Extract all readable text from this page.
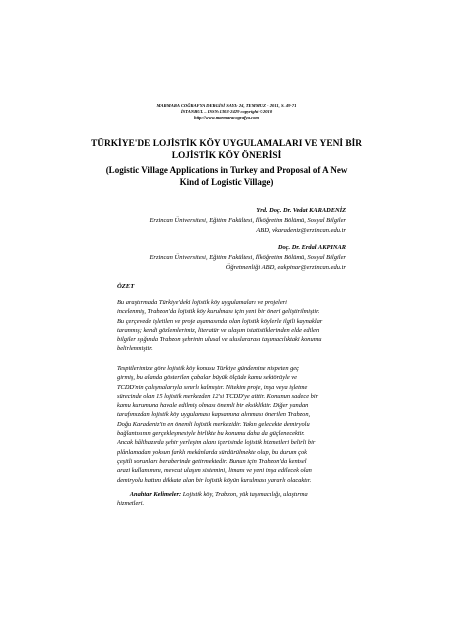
MARMARA COĞRAFYA DERGİSİ SAYI: 24, TEMMUZ - 2011, S. 49-71
İSTANBUL – ISSN:1303-2429 copyright ©2010
http://www.marmaracografya.com
TÜRKİYE'DE LOJİSTİK KÖY UYGULAMALARI VE YENİ BİR
LOJİSTİK KÖY ÖNERİSİ
(Logistic Village Applications in Turkey and Proposal of A New
Kind of Logistic Village)
Yrd. Doç. Dr. Vedat KARADENİZ
Erzincan Üniversitesi, Eğitim Fakültesi, İlköğretim Bölümü, Sosyal Bilgiler
ABD, vkaradeniz@erzincan.edu.tr
Doç. Dr. Erdal AKPINAR
Erzincan Üniversitesi, Eğitim Fakültesi, İlköğretim Bölümü, Sosyal Bilgiler
Öğretmenliği ABD, eakpinar@erzincan.edu.tr
ÖZET
Bu araştırmada Türkiye'deki lojistik köy uygulamaları ve projeleri
incelenmiş, Trabzon'da lojistik köy kurulması için yeni bir öneri geliştirilmiştir.
Bu çerçevede işletilen ve proje aşamasında olan lojistik köylerle ilgili kaynaklar
taranmış; kendi gözlemlerimiz, literatür ve ulaşım istatistiklerinden elde edilen
bilgiler ışığında Trabzon şehrinin ulusal ve uluslararası taşımacılıktaki konumu
belirlenmiştir.
Tespitlerimize göre lojistik köy konusu Türkiye gündemine nispeten geç
girmiş, bu alanda gösterilen çabalar büyük ölçüde kamu sektörüyle ve
TCDD'nin çalışmalarıyla sınırlı kalmıştır. Nitekim proje, inşa veya işletme
sürecinde olan 15 lojistik merkezden 12'si TCDD'ye aittir. Konunun sadece bir
kamu kurumuna havale edilmiş olması önemli bir eksikliktir. Diğer yandan
tarafımızdan lojistik köy uygulaması kapsamına alınması önerilen Trabzon,
Doğu Karadeniz'in en önemli lojistik merkezidir. Yakın gelecekte demiryolu
bağlantısının gerçekleşmesiyle birlikte bu konumu daha da güçlenecektir.
Ancak hâlihazırda şehir yerleşim alanı içerisinde lojistik hizmetleri belirli bir
plânlamadan yoksun farklı mekânlarda sürdürülmekte olup, bu durum çok
çeşitli sorunları beraberinde getirmektedir. Bunun için Trabzon'da kentsel
arazi kullanımını, mevcut ulaşım sistemini, limanı ve yeni inşa edilecek olan
demiryolu hattını dikkate alan bir lojistik köyün kurulması yararlı olacaktır.
Anahtar Kelimeler: Lojistik köy, Trabzon, yük taşımacılığı, ulaştırma
hizmetleri.
